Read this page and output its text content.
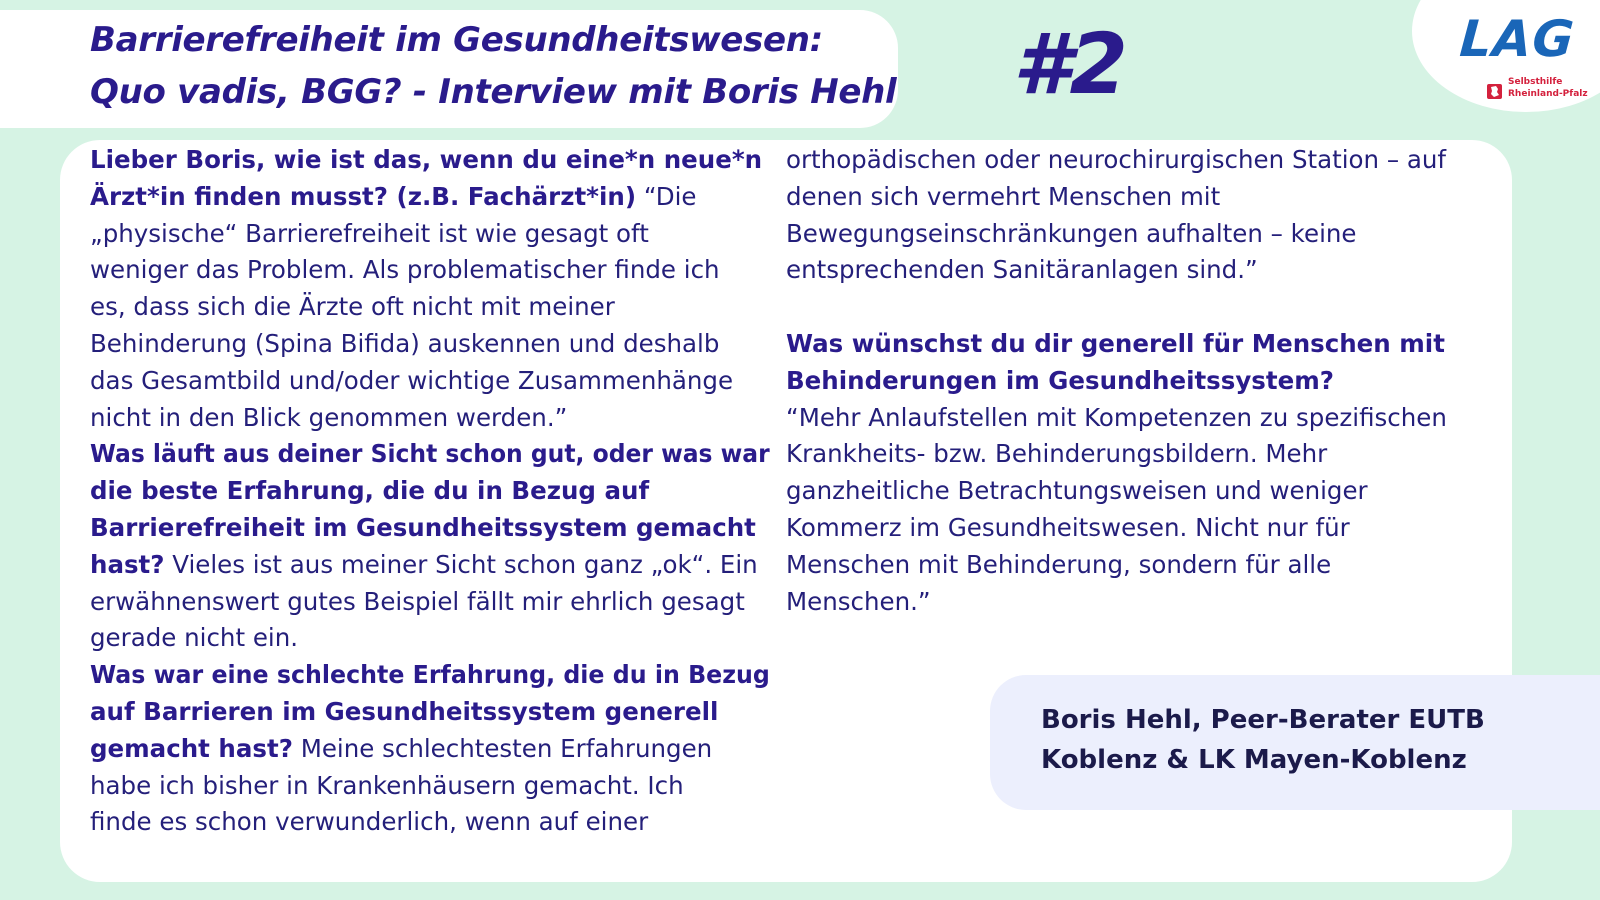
Barrierefreiheit im Gesundheitswesen:
Quo vadis, BGG? - Interview mit Boris Hehl #2	LAG
Selbsthilfe
Rheinland-Pfalz
Lieber Boris, wie ist das, wenn du eine*n neue*n
Ärzt*in finden musst? (z.B. Fachärzt*in) “Die
„physische“ Barrierefreiheit ist wie gesagt oft
weniger das Problem. Als problematischer finde ich
es, dass sich die Ärzte oft nicht mit meiner
Behinderung (Spina Bifida) auskennen und deshalb
das Gesamtbild und/oder wichtige Zusammenhänge
nicht in den Blick genommen werden.”
Was läuft aus deiner Sicht schon gut, oder was war
die beste Erfahrung, die du in Bezug auf
Barrierefreiheit im Gesundheitssystem gemacht
hast? Vieles ist aus meiner Sicht schon ganz „ok“. Ein
erwähnenswert gutes Beispiel fällt mir ehrlich gesagt
gerade nicht ein.
Was war eine schlechte Erfahrung, die du in Bezug
auf Barrieren im Gesundheitssystem generell
gemacht hast? Meine schlechtesten Erfahrungen
habe ich bisher in Krankenhäusern gemacht. Ich
finde es schon verwunderlich, wenn auf einer
orthopädischen oder neurochirurgischen Station – auf
denen sich vermehrt Menschen mit
Bewegungseinschränkungen aufhalten – keine
entsprechenden Sanitäranlagen sind.”
Was wünschst du dir generell für Menschen mit
Behinderungen im Gesundheitssystem?
“Mehr Anlaufstellen mit Kompetenzen zu spezifischen
Krankheits- bzw. Behinderungsbildern. Mehr
ganzheitliche Betrachtungsweisen und weniger
Kommerz im Gesundheitswesen. Nicht nur für
Menschen mit Behinderung, sondern für alle
Menschen.”
Boris Hehl, Peer-Berater EUTB
Koblenz & LK Mayen-Koblenz
